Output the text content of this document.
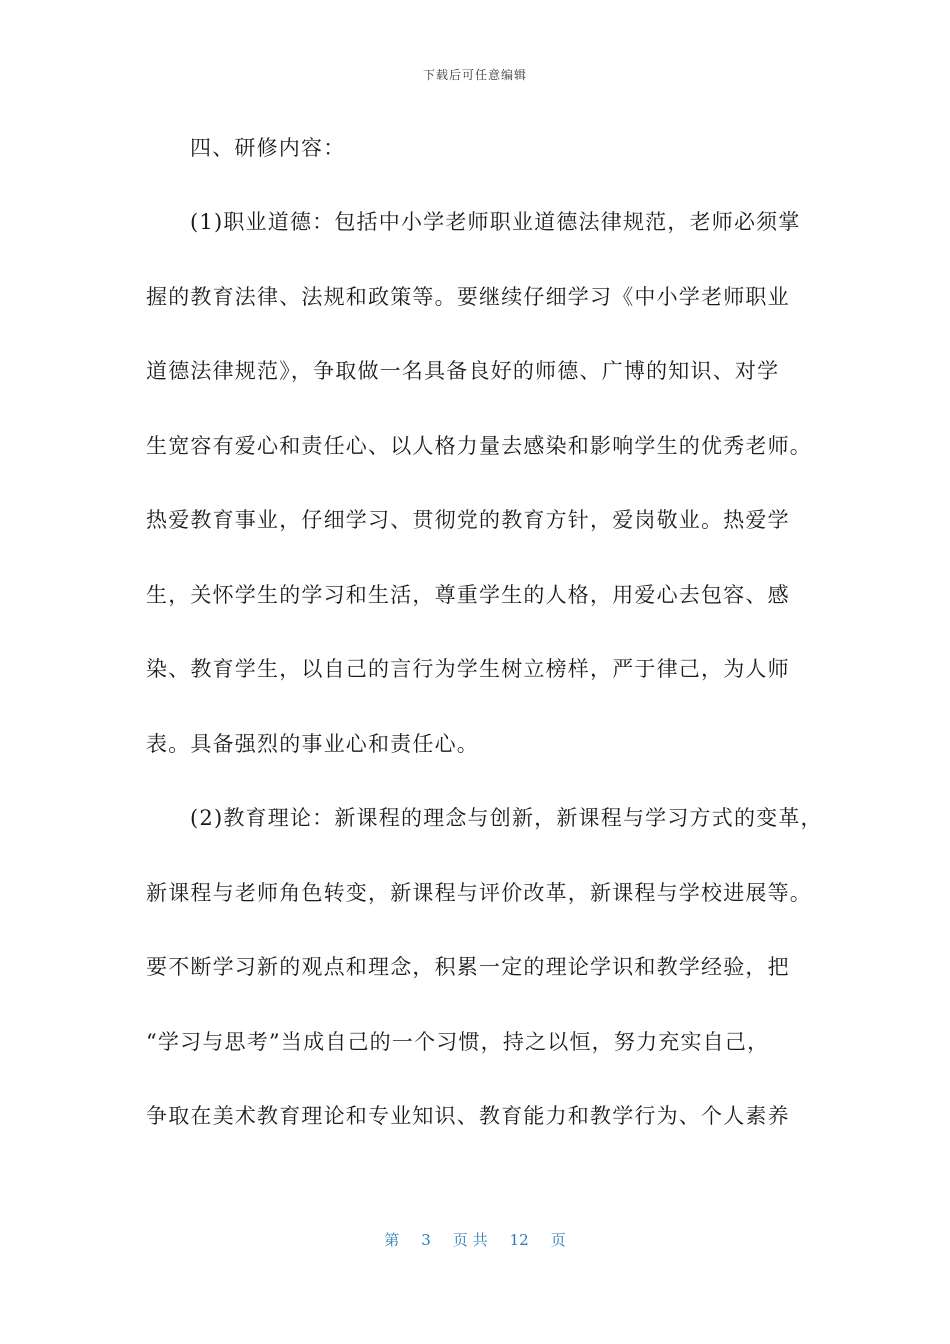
下载后可任意编辑
四、研修内容：
(1)职业道德：包括中小学老师职业道德法律规范，老师必须掌
握的教育法律、法规和政策等。要继续仔细学习《中小学老师职业
道德法律规范》，争取做一名具备良好的师德、广博的知识、对学
生宽容有爱心和责任心、以人格力量去感染和影响学生的优秀老师。
热爱教育事业，仔细学习、贯彻党的教育方针，爱岗敬业。热爱学
生，关怀学生的学习和生活，尊重学生的人格，用爱心去包容、感
染、教育学生，以自己的言行为学生树立榜样，严于律己，为人师
表。具备强烈的事业心和责任心。
(2)教育理论：新课程的理念与创新，新课程与学习方式的变革，
新课程与老师角色转变，新课程与评价改革，新课程与学校进展等。
要不断学习新的观点和理念，积累一定的理论学识和教学经验，把
“学习与思考”当成自己的一个习惯，持之以恒，努力充实自己，
争取在美术教育理论和专业知识、教育能力和教学行为、个人素养
第 3 页 共 12 页
